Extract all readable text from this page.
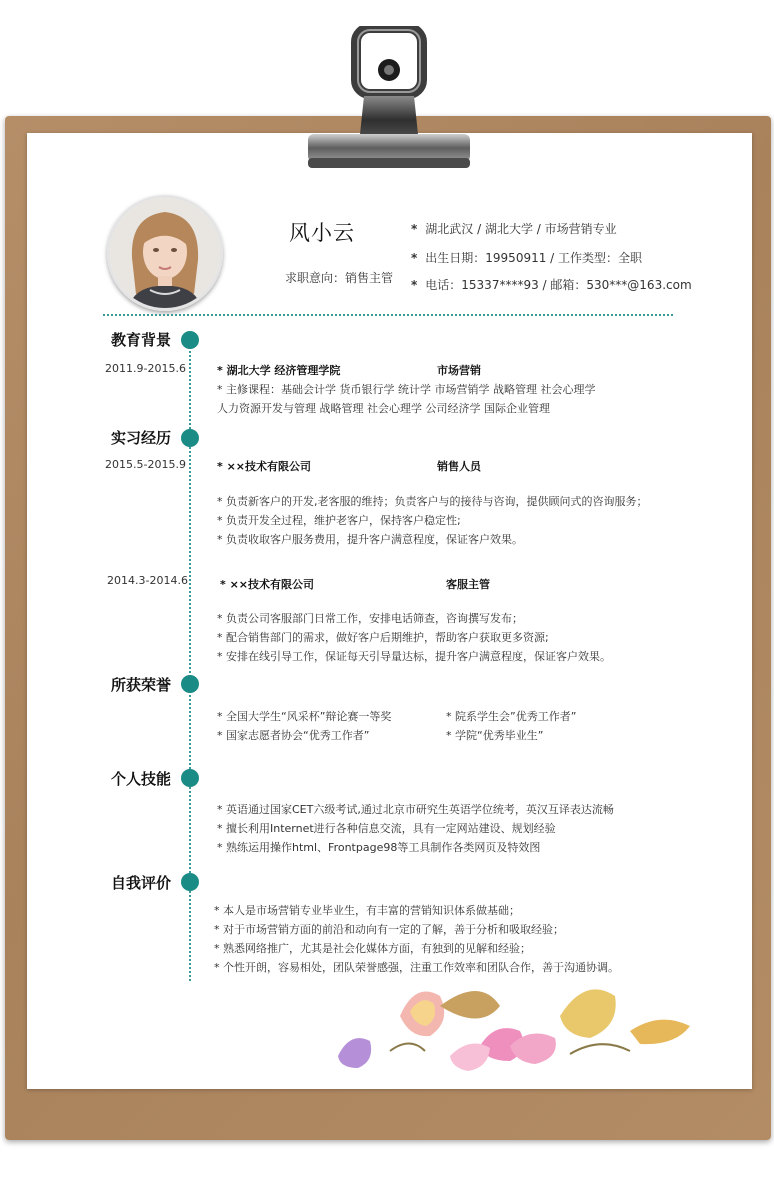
风小云
求职意向：销售主管
* 湖北武汉 / 湖北大学 / 市场营销专业
* 出生日期：19950911 / 工作类型：全职
* 电话：15337****93 / 邮箱：530***@163.com
教育背景
2011.9-2015.6	* 湖北大学 经济管理学院	市场营销
* 主修课程：基础会计学 货币银行学 统计学 市场营销学 战略管理 社会心理学
人力资源开发与管理 战略管理 社会心理学 公司经济学 国际企业管理
实习经历
2015.5-2015.9	* ××技术有限公司	销售人员
* 负责新客户的开发,老客服的维持；负责客户与的接待与咨询，提供顾问式的咨询服务；
* 负责开发全过程，维护老客户，保持客户稳定性;
* 负责收取客户服务费用，提升客户满意程度，保证客户效果。
2014.3-2014.6	* ××技术有限公司	客服主管
* 负责公司客服部门日常工作，安排电话筛查，咨询撰写发布；
* 配合销售部门的需求，做好客户后期维护，帮助客户获取更多资源;
* 安排在线引导工作，保证每天引导量达标，提升客户满意程度，保证客户效果。
所获荣誉
* 全国大学生“风采杯”辩论赛一等奖	* 院系学生会”优秀工作者”
* 国家志愿者协会“优秀工作者”	* 学院“优秀毕业生”
个人技能
* 英语通过国家CET六级考试,通过北京市研究生英语学位统考，英汉互译表达流畅
* 擅长利用Internet进行各种信息交流，具有一定网站建设、规划经验
* 熟练运用操作html、Frontpage98等工具制作各类网页及特效图
自我评价
* 本人是市场营销专业毕业生，有丰富的营销知识体系做基础；
* 对于市场营销方面的前沿和动向有一定的了解，善于分析和吸取经验；
* 熟悉网络推广，尤其是社会化媒体方面，有独到的见解和经验；
* 个性开朗，容易相处，团队荣誉感强，注重工作效率和团队合作，善于沟通协调。
